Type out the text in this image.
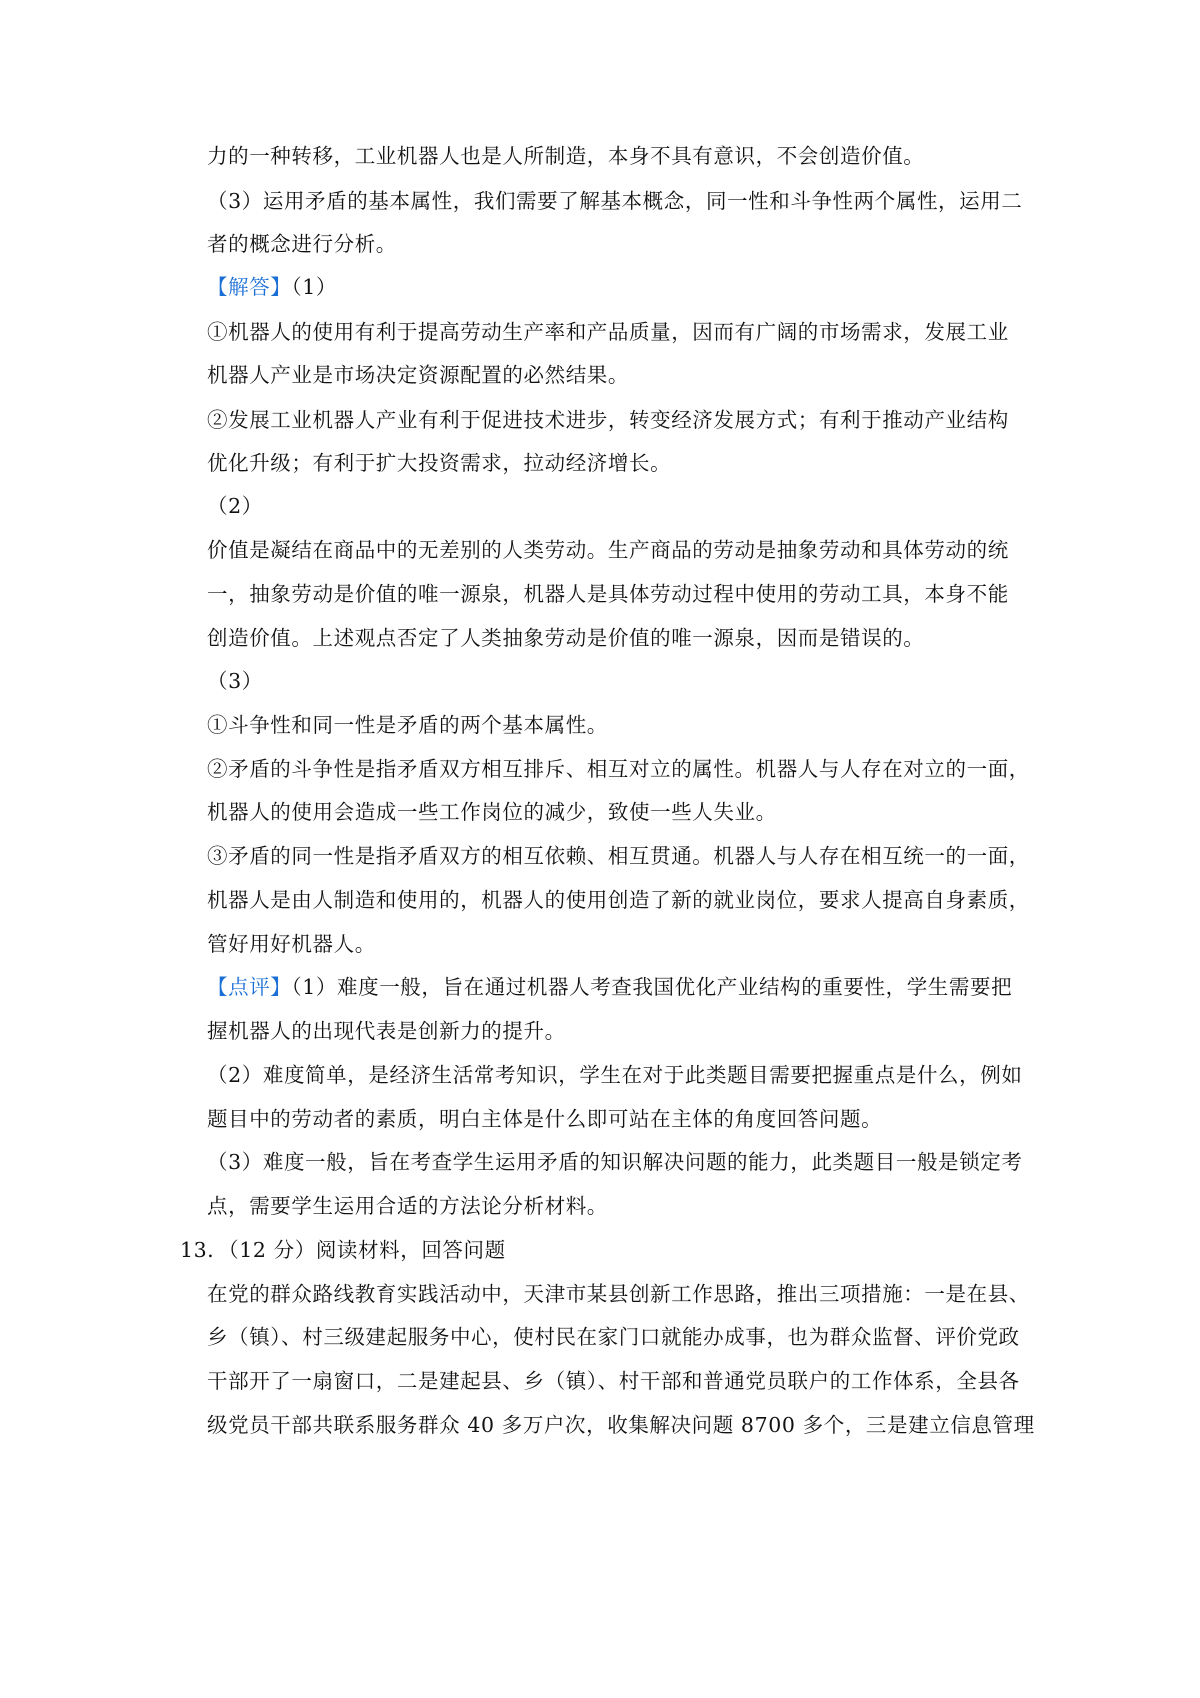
力的一种转移，工业机器人也是人所制造，本身不具有意识，不会创造价值。
（3）运用矛盾的基本属性，我们需要了解基本概念，同一性和斗争性两个属性，运用二
者的概念进行分析。
【解答】（1）
①机器人的使用有利于提高劳动生产率和产品质量，因而有广阔的市场需求，发展工业
机器人产业是市场决定资源配置的必然结果。
②发展工业机器人产业有利于促进技术进步，转变经济发展方式；有利于推动产业结构
优化升级；有利于扩大投资需求，拉动经济增长。
（2）
价值是凝结在商品中的无差别的人类劳动。生产商品的劳动是抽象劳动和具体劳动的统
一，抽象劳动是价值的唯一源泉，机器人是具体劳动过程中使用的劳动工具，本身不能
创造价值。上述观点否定了人类抽象劳动是价值的唯一源泉，因而是错误的。
（3）
①斗争性和同一性是矛盾的两个基本属性。
②矛盾的斗争性是指矛盾双方相互排斥、相互对立的属性。机器人与人存在对立的一面，
机器人的使用会造成一些工作岗位的减少，致使一些人失业。
③矛盾的同一性是指矛盾双方的相互依赖、相互贯通。机器人与人存在相互统一的一面，
机器人是由人制造和使用的，机器人的使用创造了新的就业岗位，要求人提高自身素质，
管好用好机器人。
【点评】（1）难度一般，旨在通过机器人考查我国优化产业结构的重要性，学生需要把
握机器人的出现代表是创新力的提升。
（2）难度简单，是经济生活常考知识，学生在对于此类题目需要把握重点是什么，例如
题目中的劳动者的素质，明白主体是什么即可站在主体的角度回答问题。
（3）难度一般，旨在考查学生运用矛盾的知识解决问题的能力，此类题目一般是锁定考
点，需要学生运用合适的方法论分析材料。
13．（12 分）阅读材料，回答问题
在党的群众路线教育实践活动中，天津市某县创新工作思路，推出三项措施：一是在县、
乡（镇）、村三级建起服务中心，使村民在家门口就能办成事，也为群众监督、评价党政
干部开了一扇窗口，二是建起县、乡（镇）、村干部和普通党员联户的工作体系，全县各
级党员干部共联系服务群众 40 多万户次，收集解决问题 8700 多个，三是建立信息管理
